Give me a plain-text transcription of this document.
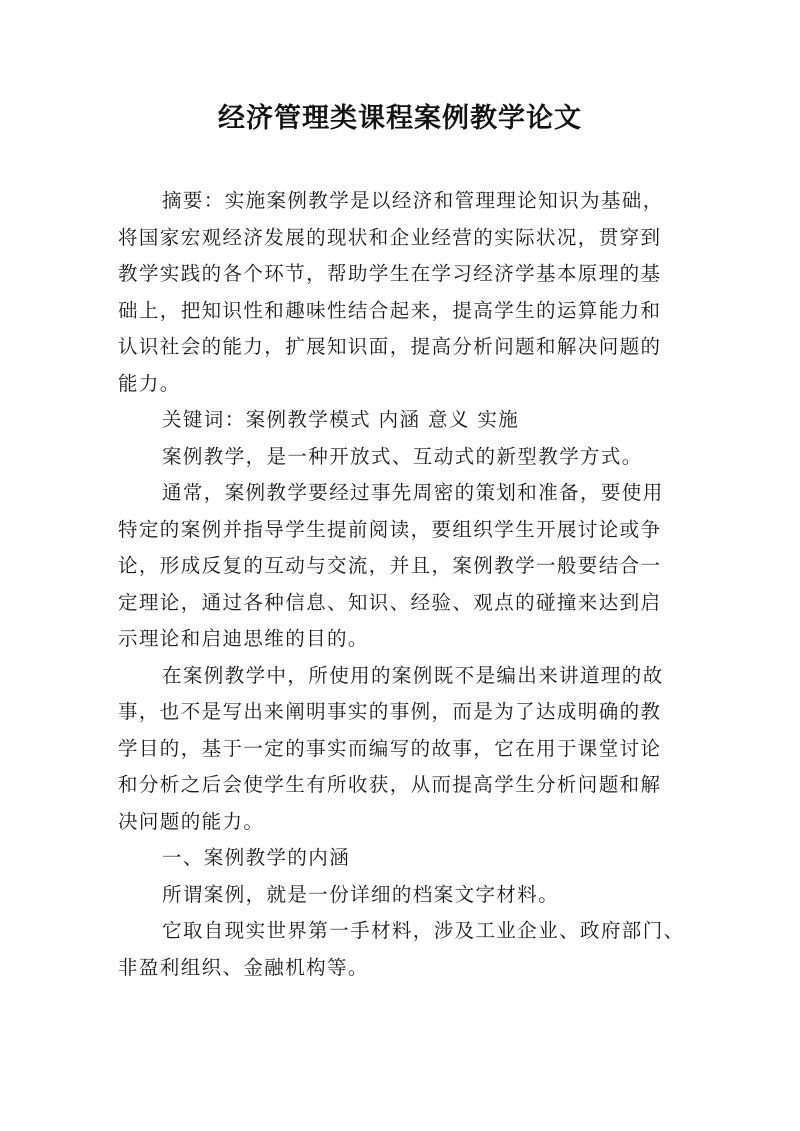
经济管理类课程案例教学论文

摘要：实施案例教学是以经济和管理理论知识为基础，
将国家宏观经济发展的现状和企业经营的实际状况，贯穿到
教学实践的各个环节，帮助学生在学习经济学基本原理的基
础上，把知识性和趣味性结合起来，提高学生的运算能力和
认识社会的能力，扩展知识面，提高分析问题和解决问题的
能力。

关键词：案例教学模式 内涵 意义 实施

案例教学，是一种开放式、互动式的新型教学方式。

通常，案例教学要经过事先周密的策划和准备，要使用
特定的案例并指导学生提前阅读，要组织学生开展讨论或争
论，形成反复的互动与交流，并且，案例教学一般要结合一
定理论，通过各种信息、知识、经验、观点的碰撞来达到启
示理论和启迪思维的目的。

在案例教学中，所使用的案例既不是编出来讲道理的故
事，也不是写出来阐明事实的事例，而是为了达成明确的教
学目的，基于一定的事实而编写的故事，它在用于课堂讨论
和分析之后会使学生有所收获，从而提高学生分析问题和解
决问题的能力。

一、案例教学的内涵

所谓案例，就是一份详细的档案文字材料。

它取自现实世界第一手材料，涉及工业企业、政府部门、
非盈利组织、金融机构等。
